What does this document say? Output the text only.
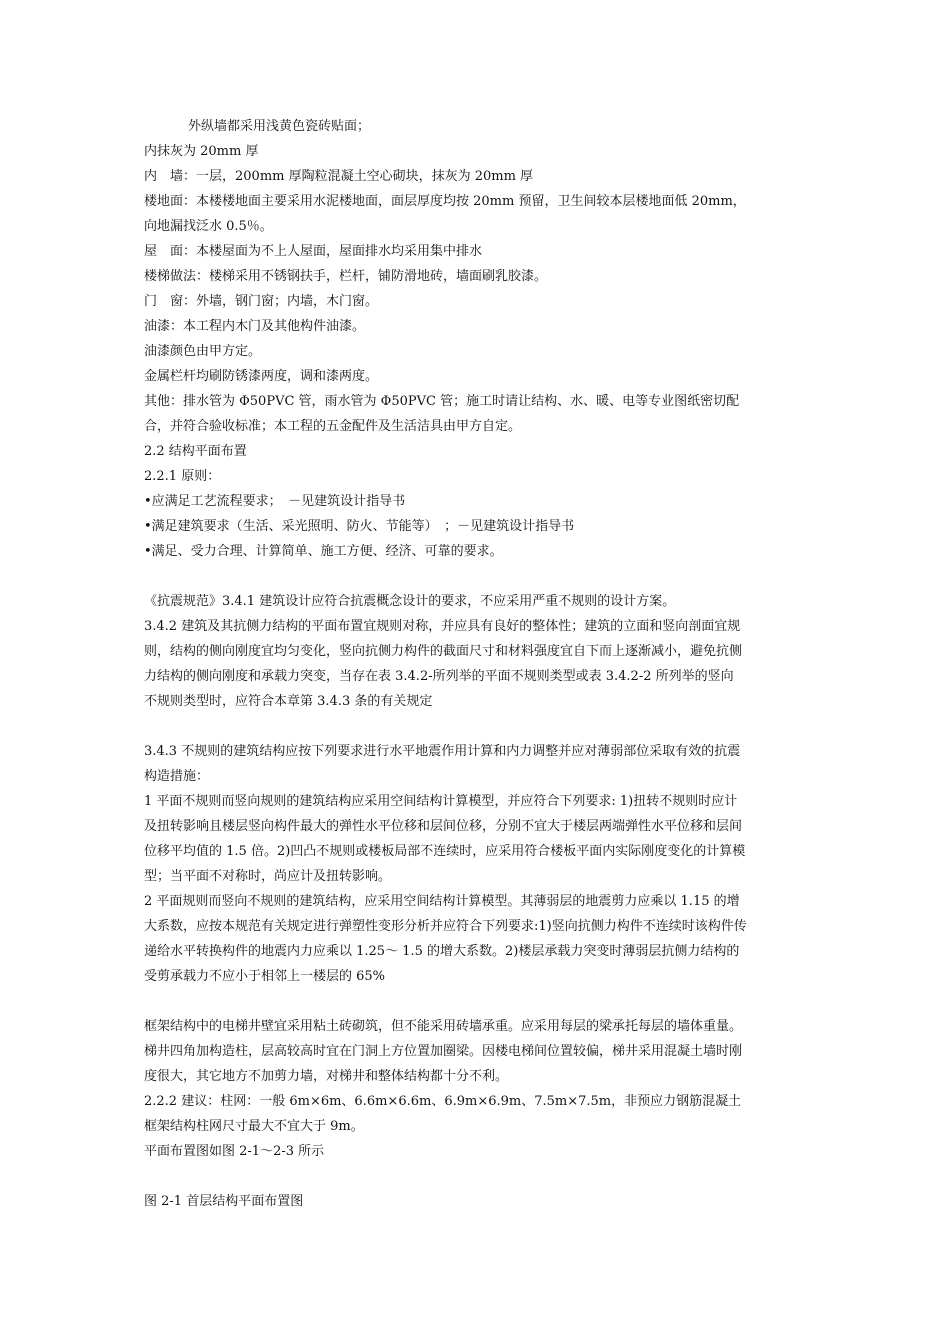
外纵墙都采用浅黄色瓷砖贴面；
内抹灰为 20mm 厚
内　墙：一层，200mm 厚陶粒混凝土空心砌块，抹灰为 20mm 厚
楼地面：本楼楼地面主要采用水泥楼地面，面层厚度均按 20mm 预留，卫生间较本层楼地面低 20mm，
向地漏找泛水 0.5％。
屋　面：本楼屋面为不上人屋面，屋面排水均采用集中排水
楼梯做法：楼梯采用不锈钢扶手，栏杆，铺防滑地砖，墙面刷乳胶漆。
门　窗：外墙，钢门窗；内墙，木门窗。
油漆：本工程内木门及其他构件油漆。
油漆颜色由甲方定。
金属栏杆均刷防锈漆两度，调和漆两度。
其他：排水管为 Φ50PVC 管，雨水管为 Φ50PVC 管；施工时请让结构、水、暖、电等专业图纸密切配
合，并符合验收标准；本工程的五金配件及生活洁具由甲方自定。
2.2 结构平面布置
2.2.1 原则：
•应满足工艺流程要求；　－见建筑设计指导书
•满足建筑要求（生活、采光照明、防火、节能等）　；－见建筑设计指导书
•满足、受力合理、计算简单、施工方便、经济、可靠的要求。
《抗震规范》3.4.1 建筑设计应符合抗震概念设计的要求，不应采用严重不规则的设计方案。
3.4.2 建筑及其抗侧力结构的平面布置宜规则对称，并应具有良好的整体性；建筑的立面和竖向剖面宜规
则，结构的侧向刚度宜均匀变化，竖向抗侧力构件的截面尺寸和材料强度宜自下而上逐渐减小，避免抗侧
力结构的侧向刚度和承载力突变，当存在表 3.4.2-所列举的平面不规则类型或表 3.4.2-2 所列举的竖向
不规则类型时，应符合本章第 3.4.3 条的有关规定
3.4.3 不规则的建筑结构应按下列要求进行水平地震作用计算和内力调整并应对薄弱部位采取有效的抗震
构造措施：
1 平面不规则而竖向规则的建筑结构应采用空间结构计算模型，并应符合下列要求: 1)扭转不规则时应计
及扭转影响且楼层竖向构件最大的弹性水平位移和层间位移，分别不宜大于楼层两端弹性水平位移和层间
位移平均值的 1.5 倍。2)凹凸不规则或楼板局部不连续时，应采用符合楼板平面内实际刚度变化的计算模
型；当平面不对称时，尚应计及扭转影响。
2 平面规则而竖向不规则的建筑结构，应采用空间结构计算模型。其薄弱层的地震剪力应乘以 1.15 的增
大系数，应按本规范有关规定进行弹塑性变形分析并应符合下列要求:1)竖向抗侧力构件不连续时该构件传
递给水平转换构件的地震内力应乘以 1.25～ 1.5 的增大系数。2)楼层承载力突变时薄弱层抗侧力结构的
受剪承载力不应小于相邻上一楼层的 65%
框架结构中的电梯井壁宜采用粘土砖砌筑，但不能采用砖墙承重。应采用每层的梁承托每层的墙体重量。
梯井四角加构造柱，层高较高时宜在门洞上方位置加圈梁。因楼电梯间位置较偏，梯井采用混凝土墙时刚
度很大，其它地方不加剪力墙，对梯井和整体结构都十分不利。
2.2.2 建议：柱网：一般 6m×6m、6.6m×6.6m、6.9m×6.9m、7.5m×7.5m，非预应力钢筋混凝土
框架结构柱网尺寸最大不宜大于 9m。
平面布置图如图 2-1～2-3 所示
图 2-1 首层结构平面布置图
